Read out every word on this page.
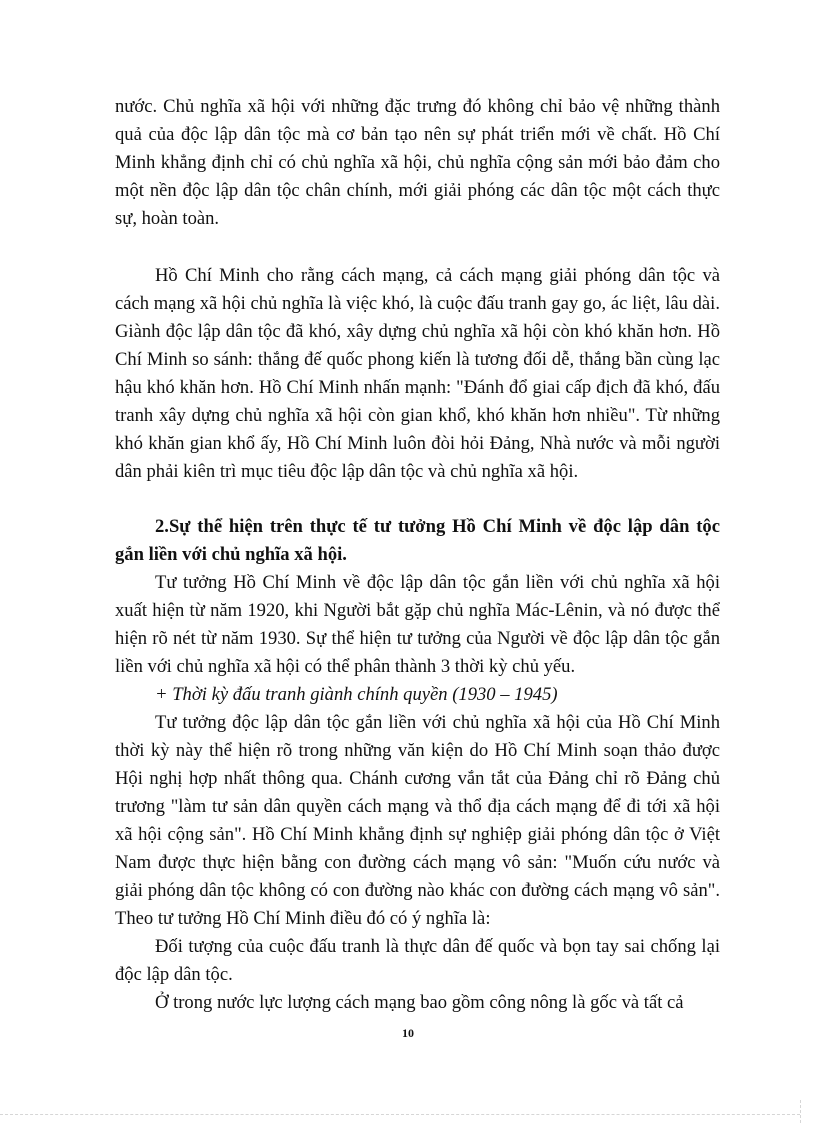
nước. Chủ nghĩa xã hội với những đặc trưng đó không chỉ bảo vệ những thành quả của độc lập dân tộc mà cơ bản tạo nên sự phát triển mới về chất. Hồ Chí Minh khẳng định chỉ có chủ nghĩa xã hội, chủ nghĩa cộng sản mới bảo đảm cho một nền độc lập dân tộc chân chính, mới giải phóng các dân tộc một cách thực sự, hoàn toàn.

Hồ Chí Minh cho rằng cách mạng, cả cách mạng giải phóng dân tộc và cách mạng xã hội chủ nghĩa là việc khó, là cuộc đấu tranh gay go, ác liệt, lâu dài. Giành độc lập dân tộc đã khó, xây dựng chủ nghĩa xã hội còn khó khăn hơn. Hồ Chí Minh so sánh: thắng đế quốc phong kiến là tương đối dễ, thắng bần cùng lạc hậu khó khăn hơn. Hồ Chí Minh nhấn mạnh: "Đánh đổ giai cấp địch đã khó, đấu tranh xây dựng chủ nghĩa xã hội còn gian khổ, khó khăn hơn nhiều". Từ những khó khăn gian khổ ấy, Hồ Chí Minh luôn đòi hỏi Đảng, Nhà nước và mỗi người dân phải kiên trì mục tiêu độc lập dân tộc và chủ nghĩa xã hội.

2.Sự thể hiện trên thực tế tư tưởng Hồ Chí Minh về độc lập dân tộc gắn liền với chủ nghĩa xã hội.

Tư tưởng Hồ Chí Minh về độc lập dân tộc gắn liền với chủ nghĩa xã hội xuất hiện từ năm 1920, khi Người bắt gặp chủ nghĩa Mác-Lênin, và nó được thể hiện rõ nét từ năm 1930. Sự thể hiện tư tưởng của Người về độc lập dân tộc gắn liền với chủ nghĩa xã hội có thể phân thành 3 thời kỳ chủ yếu.

+ Thời kỳ đấu tranh giành chính quyền (1930 – 1945)

Tư tưởng độc lập dân tộc gắn liền với chủ nghĩa xã hội của Hồ Chí Minh thời kỳ này thể hiện rõ trong những văn kiện do Hồ Chí Minh soạn thảo được Hội nghị hợp nhất thông qua. Chánh cương vắn tắt của Đảng chỉ rõ Đảng chủ trương "làm tư sản dân quyền cách mạng và thổ địa cách mạng để đi tới xã hội xã hội cộng sản". Hồ Chí Minh khẳng định sự nghiệp giải phóng dân tộc ở Việt Nam được thực hiện bằng con đường cách mạng vô sản: "Muốn cứu nước và giải phóng dân tộc không có con đường nào khác con đường cách mạng vô sản". Theo tư tưởng Hồ Chí Minh điều đó có ý nghĩa là:

Đối tượng của cuộc đấu tranh là thực dân đế quốc và bọn tay sai chống lại độc lập dân tộc.

Ở trong nước lực lượng cách mạng bao gồm công nông là gốc và tất cả

10
